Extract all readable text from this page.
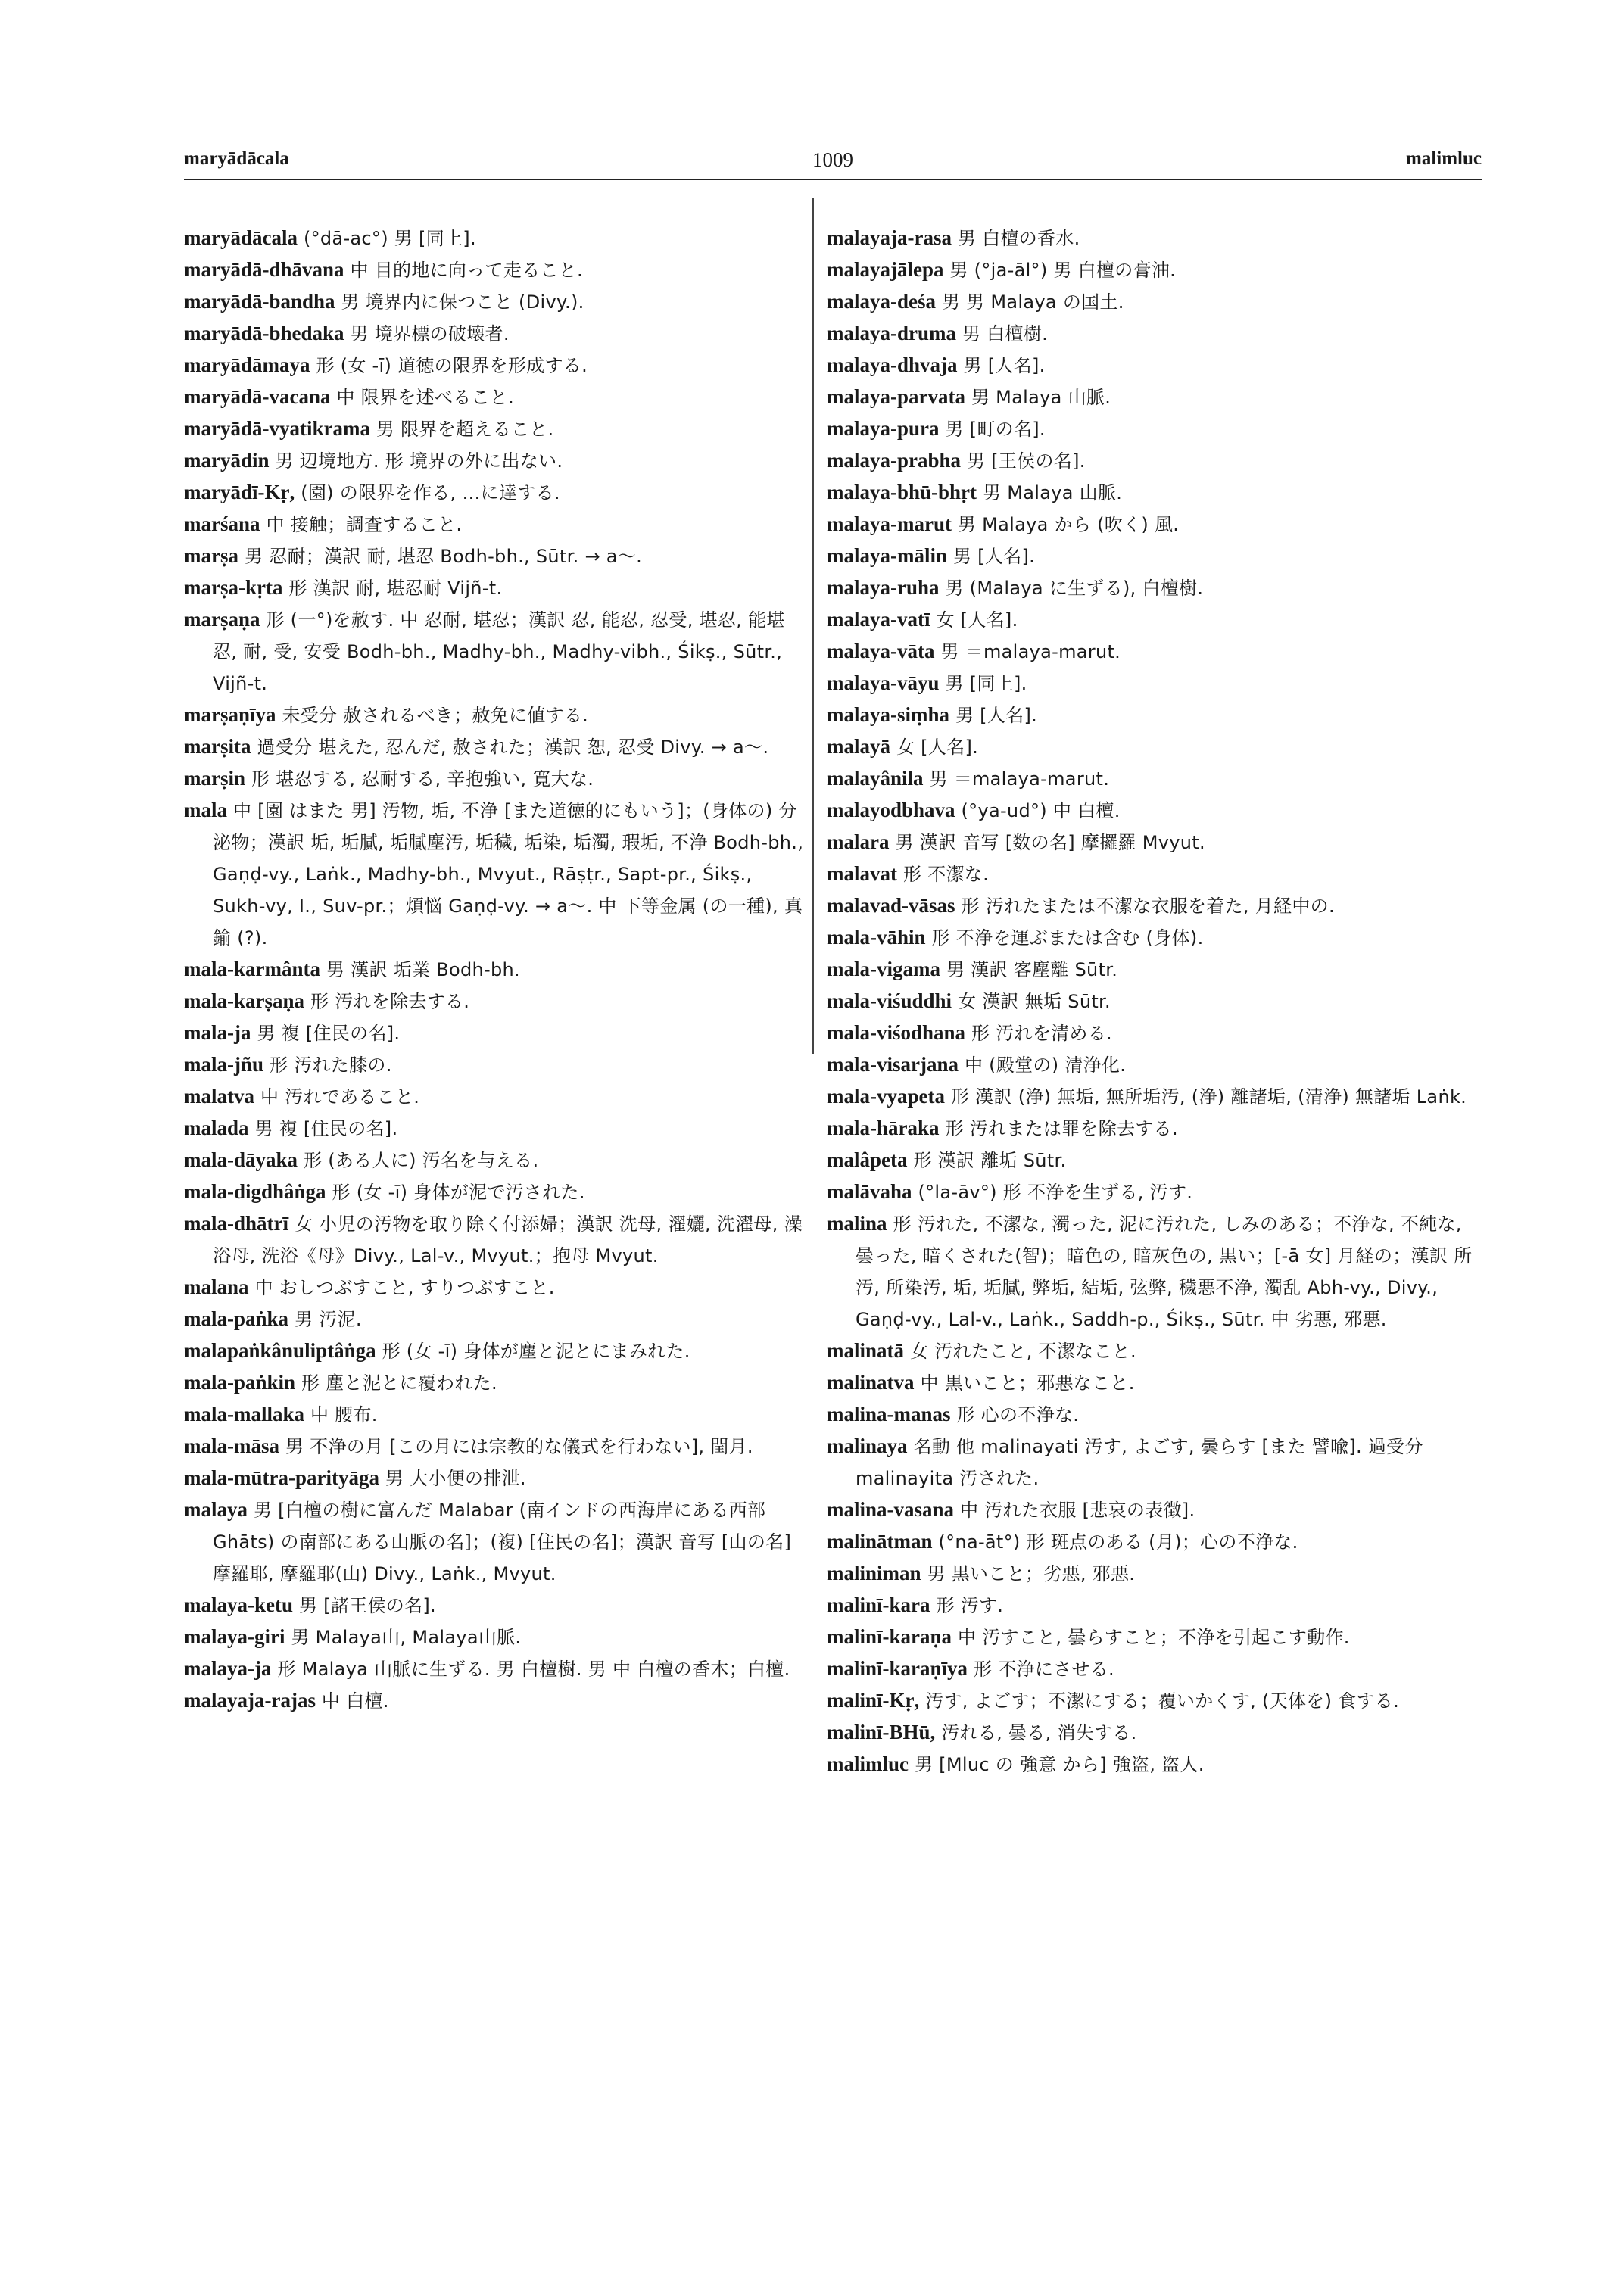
maryādācala	1009	malimluc

maryādācala (°dā-ac°) 男 [同上].

maryādā-dhāvana 中 目的地に向って走ること.

maryādā-bandha 男 境界内に保つこと (Divy.).

maryādā-bhedaka 男 境界標の破壊者.

maryādāmaya 形 (女 -ī) 道徳の限界を形成する.

maryādā-vacana 中 限界を述べること.

maryādā-vyatikrama 男 限界を超えること.

maryādin 男 辺境地方. 形 境界の外に出ない.

maryādī-Kṛ, (園) の限界を作る, …に達する.

marśana 中 接触；調査すること.

marṣa 男 忍耐；漢訳 耐, 堪忍 Bodh-bh., Sūtr. → a～.

marṣa-kṛta 形 漢訳 耐, 堪忍耐 Vijñ-t.

marṣaṇa 形 (一°)を赦す. 中 忍耐, 堪忍；漢訳 忍, 能忍, 忍受, 堪忍, 能堪忍, 耐, 受, 安受 Bodh-bh., Madhy-bh., Madhy-vibh., Śikṣ., Sūtr., Vijñ-t.

marṣaṇīya 未受分 赦されるべき；赦免に値する.

marṣita 過受分 堪えた, 忍んだ, 赦された；漢訳 恕, 忍受 Divy. → a～.

marṣin 形 堪忍する, 忍耐する, 辛抱強い, 寛大な.

mala 中 [園 はまた 男] 汚物, 垢, 不浄 [また道徳的にもいう]；(身体の) 分泌物；漢訳 垢, 垢膩, 垢膩塵汚, 垢穢, 垢染, 垢濁, 瑕垢, 不浄 Bodh-bh., Gaṇḍ-vy., Laṅk., Madhy-bh., Mvyut., Rāṣṭr., Sapt-pr., Śikṣ., Sukh-vy, I., Suv-pr.；煩悩 Gaṇḍ-vy. → a～. 中 下等金属 (の一種), 真鍮 (?).

mala-karmânta 男 漢訳 垢業 Bodh-bh.

mala-karṣaṇa 形 汚れを除去する.

mala-ja 男 複 [住民の名].

mala-jñu 形 汚れた膝の.

malatva 中 汚れであること.

malada 男 複 [住民の名].

mala-dāyaka 形 (ある人に) 汚名を与える.

mala-digdhâṅga 形 (女 -ī) 身体が泥で汚された.

mala-dhātrī 女 小児の汚物を取り除く付添婦；漢訳 洗母, 濯孋, 洗濯母, 澡浴母, 洗浴《母》Divy., Lal-v., Mvyut.；抱母 Mvyut.

malana 中 おしつぶすこと, すりつぶすこと.

mala-paṅka 男 汚泥.

malapaṅkânuliptâṅga 形 (女 -ī) 身体が塵と泥とにまみれた.

mala-paṅkin 形 塵と泥とに覆われた.

mala-mallaka 中 腰布.

mala-māsa 男 不浄の月 [この月には宗教的な儀式を行わない], 閏月.

mala-mūtra-parityāga 男 大小便の排泄.

malaya 男 [白檀の樹に富んだ Malabar (南インドの西海岸にある西部 Ghāts) の南部にある山脈の名]；(複) [住民の名]；漢訳 音写 [山の名] 摩羅耶, 摩羅耶(山) Divy., Laṅk., Mvyut.

malaya-ketu 男 [諸王侯の名].

malaya-giri 男 Malaya山, Malaya山脈.

malaya-ja 形 Malaya 山脈に生ずる. 男 白檀樹. 男 中 白檀の香木；白檀.

malayaja-rajas 中 白檀.

malayaja-rasa 男 白檀の香水.

malayajālepa 男 (°ja-āl°) 男 白檀の膏油.

malaya-deśa 男 男 Malaya の国土.

malaya-druma 男 白檀樹.

malaya-dhvaja 男 [人名].

malaya-parvata 男 Malaya 山脈.

malaya-pura 男 [町の名].

malaya-prabha 男 [王侯の名].

malaya-bhū-bhṛt 男 Malaya 山脈.

malaya-marut 男 Malaya から (吹く) 風.

malaya-mālin 男 [人名].

malaya-ruha 男 (Malaya に生ずる), 白檀樹.

malaya-vatī 女 [人名].

malaya-vāta 男 ＝malaya-marut.

malaya-vāyu 男 [同上].

malaya-siṃha 男 [人名].

malayā 女 [人名].

malayânila 男 ＝malaya-marut.

malayodbhava (°ya-ud°) 中 白檀.

malara 男 漢訳 音写 [数の名] 摩攞羅 Mvyut.

malavat 形 不潔な.

malavad-vāsas 形 汚れたまたは不潔な衣服を着た, 月経中の.

mala-vāhin 形 不浄を運ぶまたは含む (身体).

mala-vigama 男 漢訳 客塵離 Sūtr.

mala-viśuddhi 女 漢訳 無垢 Sūtr.

mala-viśodhana 形 汚れを清める.

mala-visarjana 中 (殿堂の) 清浄化.

mala-vyapeta 形 漢訳 (浄) 無垢, 無所垢汚, (浄) 離諸垢, (清浄) 無諸垢 Laṅk.

mala-hāraka 形 汚れまたは罪を除去する.

malâpeta 形 漢訳 離垢 Sūtr.

malāvaha (°la-āv°) 形 不浄を生ずる, 汚す.

malina 形 汚れた, 不潔な, 濁った, 泥に汚れた, しみのある；不浄な, 不純な, 曇った, 暗くされた(智)；暗色の, 暗灰色の, 黒い；[-ā 女] 月経の；漢訳 所汚, 所染汚, 垢, 垢膩, 弊垢, 結垢, 弦弊, 穢悪不浄, 濁乱 Abh-vy., Divy., Gaṇḍ-vy., Lal-v., Laṅk., Saddh-p., Śikṣ., Sūtr. 中 劣悪, 邪悪.

malinatā 女 汚れたこと, 不潔なこと.

malinatva 中 黒いこと；邪悪なこと.

malina-manas 形 心の不浄な.

malinaya 名動 他 malinayati 汚す, よごす, 曇らす [また 譬喩]. 過受分 malinayita 汚された.

malina-vasana 中 汚れた衣服 [悲哀の表徴].

malinātman (°na-āt°) 形 斑点のある (月)；心の不浄な.

maliniman 男 黒いこと；劣悪, 邪悪.

malinī-kara 形 汚す.

malinī-karaṇa 中 汚すこと, 曇らすこと；不浄を引起こす動作.

malinī-karaṇīya 形 不浄にさせる.

malinī-Kṛ, 汚す, よごす；不潔にする；覆いかくす, (天体を) 食する.

malinī-BHū, 汚れる, 曇る, 消失する.

malimluc 男 [Mluc の 強意 から] 強盗, 盗人.
